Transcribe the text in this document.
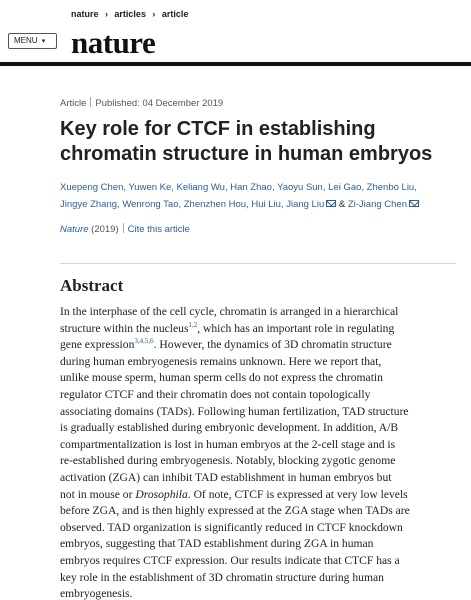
nature › articles › article
MENU ▾ nature
Article Published: 04 December 2019
Key role for CTCF in establishing
chromatin structure in human embryos
Xuepeng Chen, Yuwen Ke, Keliang Wu, Han Zhao, Yaoyu Sun, Lei Gao, Zhenbo Liu,
Jingye Zhang, Wenrong Tao, Zhenzhen Hou, Hui Liu, Jiang Liu & Zi-Jiang Chen
Nature (2019) Cite this article
Abstract
In the interphase of the cell cycle, chromatin is arranged in a hierarchical
structure within the nucleus$^{1,2}$, which has an important role in regulating
gene expression$^{3,4,5,6}$. However, the dynamics of 3D chromatin structure
during human embryogenesis remains unknown. Here we report that,
unlike mouse sperm, human sperm cells do not express the chromatin
regulator CTCF and their chromatin does not contain topologically
associating domains (TADs). Following human fertilization, TAD structure
is gradually established during embryonic development. In addition, A/B
compartmentalization is lost in human embryos at the 2-cell stage and is
re-established during embryogenesis. Notably, blocking zygotic genome
activation (ZGA) can inhibit TAD establishment in human embryos but
not in mouse or Drosophila. Of note, CTCF is expressed at very low levels
before ZGA, and is then highly expressed at the ZGA stage when TADs are
observed. TAD organization is significantly reduced in CTCF knockdown
embryos, suggesting that TAD establishment during ZGA in human
embryos requires CTCF expression. Our results indicate that CTCF has a
key role in the establishment of 3D chromatin structure during human
embryogenesis.
